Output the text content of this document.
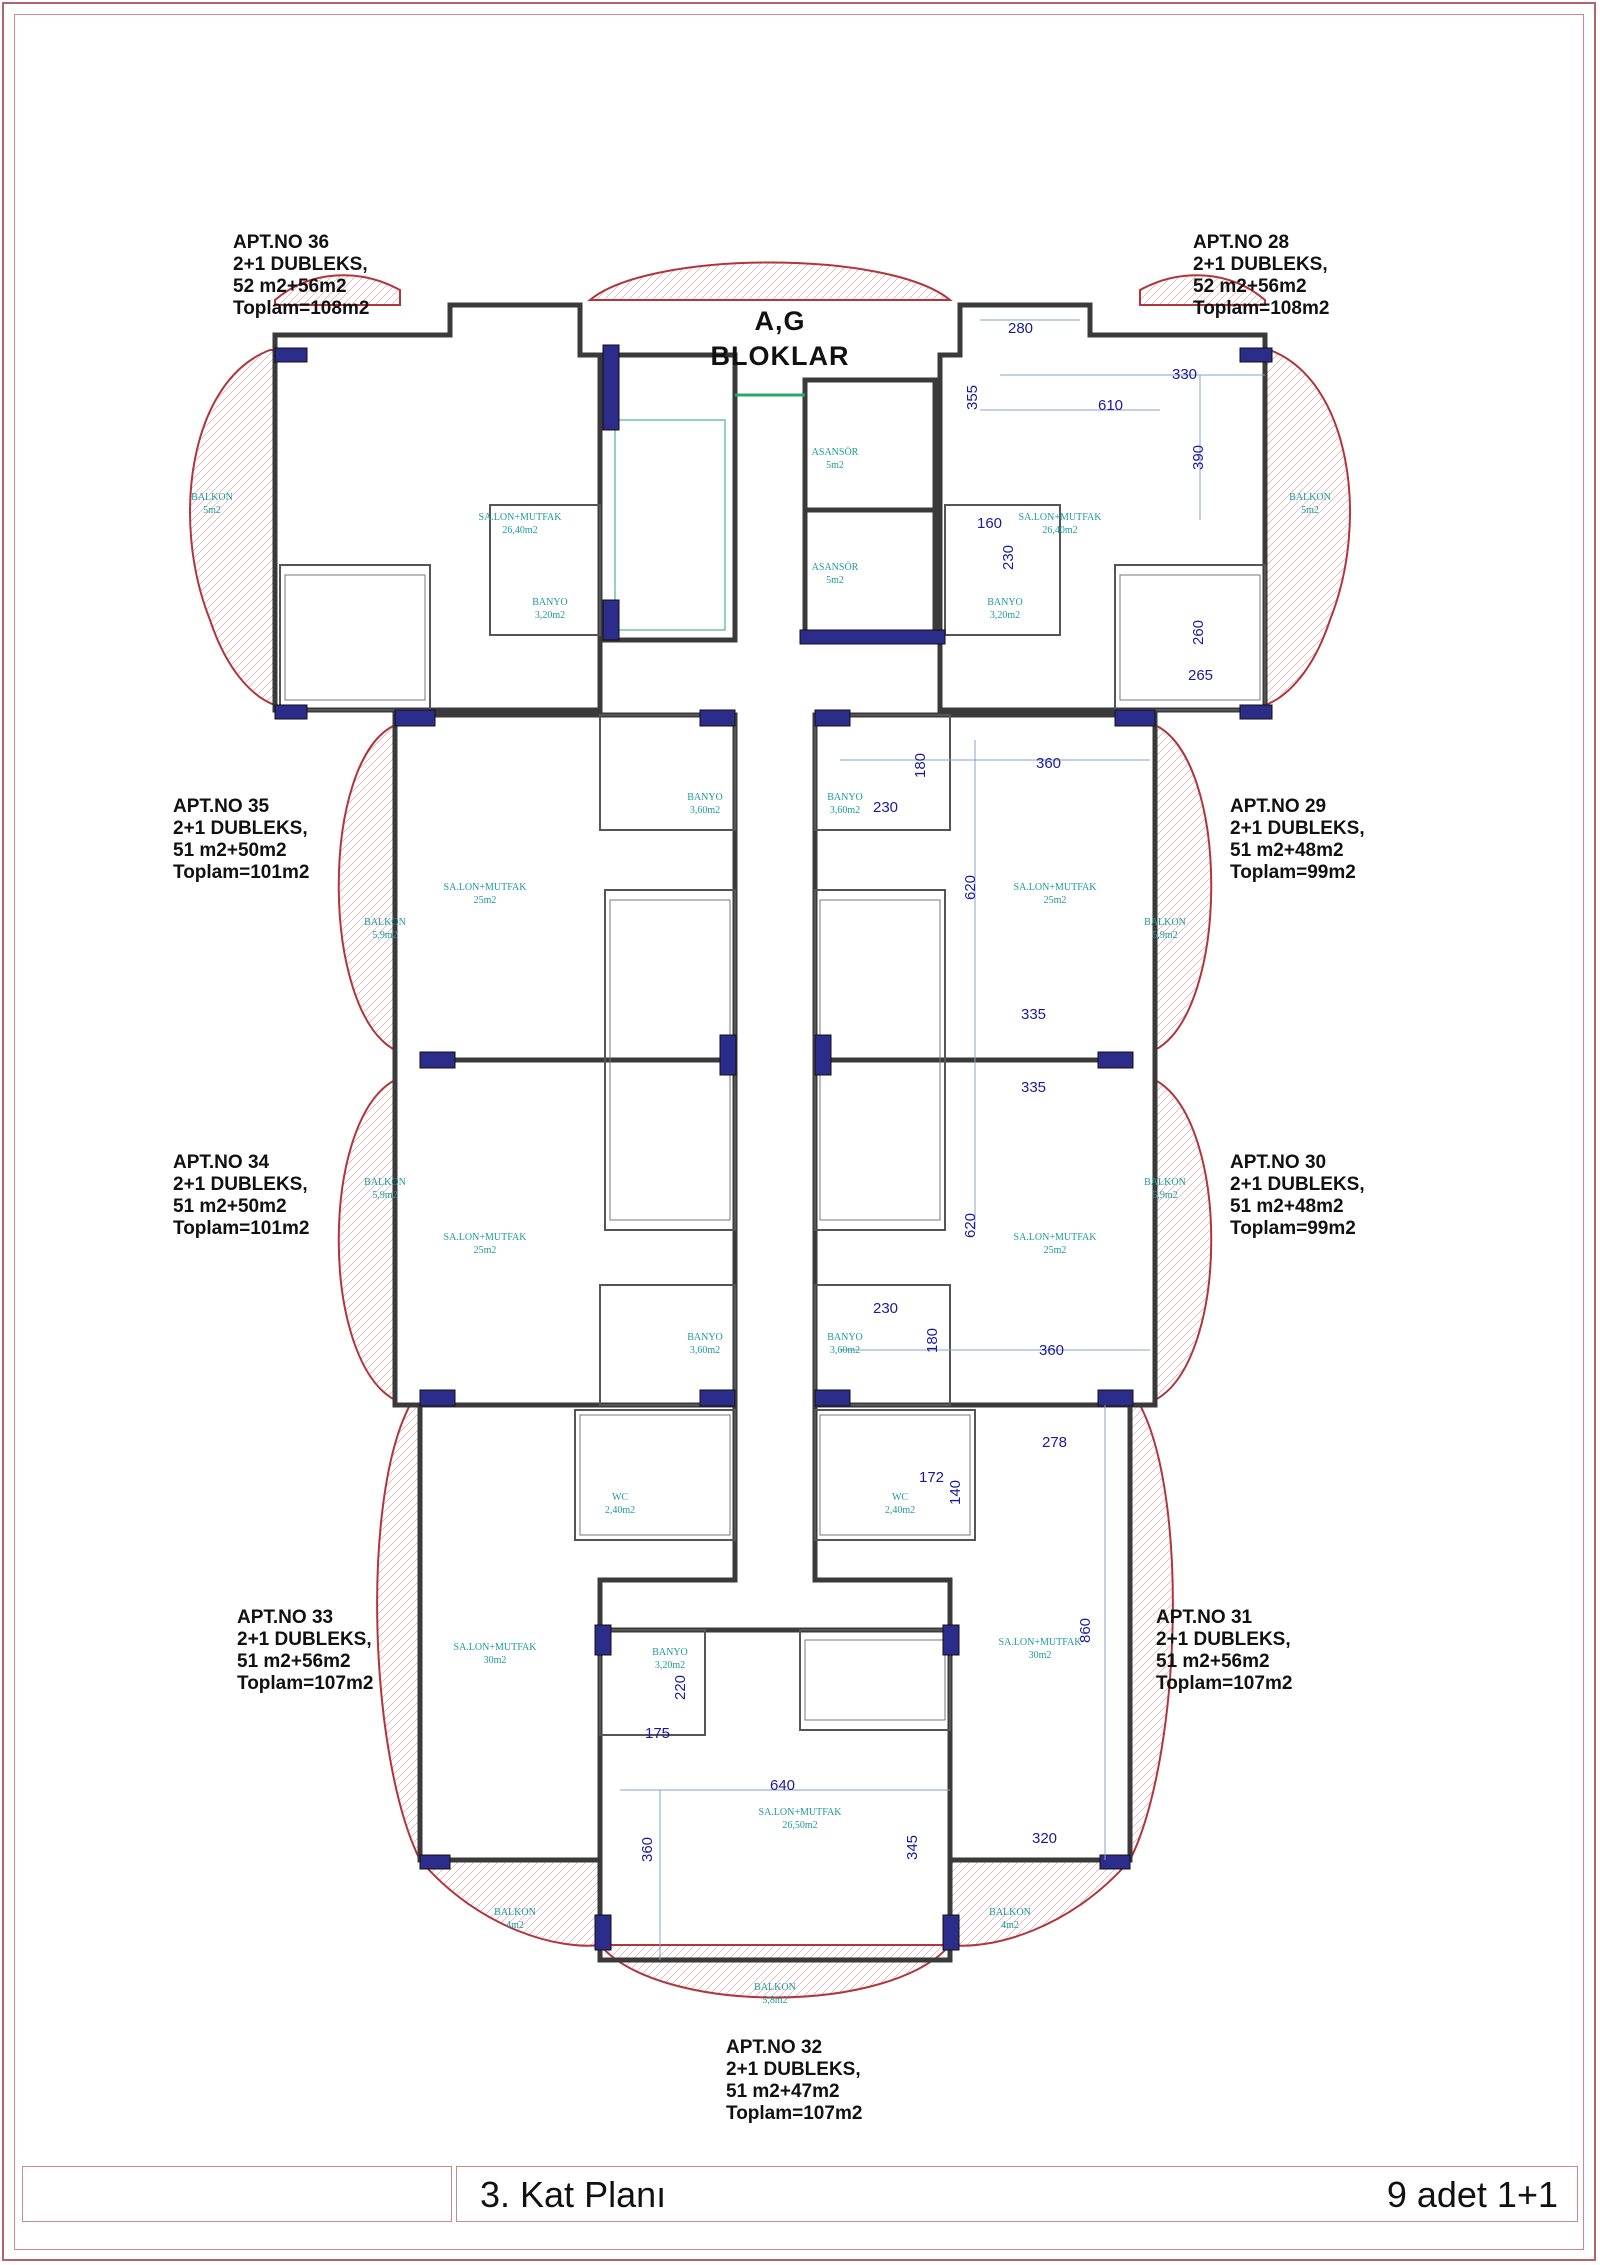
SA.LON+MUTFAK
26,40m2
BANYO
3,20m2
BALKON
5m2
ASANSÖR
5m2
ASANSÖR
5m2
SA.LON+MUTFAK
26,40m2
BANYO
3,20m2
BALKON
5m2
BANYO
3,60m2
SA.LON+MUTFAK
25m2
BALKON
5,9m2
BANYO
3,60m2
SA.LON+MUTFAK
25m2
BALKON
5,9m2
BALKON
5,9m2
SA.LON+MUTFAK
25m2
BANYO
3,60m2
BALKON
5,9m2
SA.LON+MUTFAK
25m2
BANYO
3,60m2
WC
2,40m2
WC
2,40m2
SA.LON+MUTFAK
30m2
BANYO
3,20m2
SA.LON+MUTFAK
30m2
SA.LON+MUTFAK
26,50m2
BALKON
4m2
BALKON
4m2
BALKON
5,8m2
280
330
610
355
390
160
230
260
265
180
230
360
620
335
335
620
230
180	360
278
172
140
860
220
175
640
360	345	320
APT.NO 36
2+1 DUBLEKS,
52 m2+56m2
Toplam=108m2
APT.NO 28
2+1 DUBLEKS,
52 m2+56m2
Toplam=108m2
APT.NO 35
2+1 DUBLEKS,
51 m2+50m2
Toplam=101m2
APT.NO 29
2+1 DUBLEKS,
51 m2+48m2
Toplam=99m2
APT.NO 34
2+1 DUBLEKS,
51 m2+50m2
Toplam=101m2
APT.NO 30
2+1 DUBLEKS,
51 m2+48m2
Toplam=99m2
APT.NO 33
2+1 DUBLEKS,
51 m2+56m2
Toplam=107m2
APT.NO 31
2+1 DUBLEKS,
51 m2+56m2
Toplam=107m2
APT.NO 32
2+1 DUBLEKS,
51 m2+47m2
Toplam=107m2
A,G
BLOKLAR
3. Kat Planı	9 adet 1+1
